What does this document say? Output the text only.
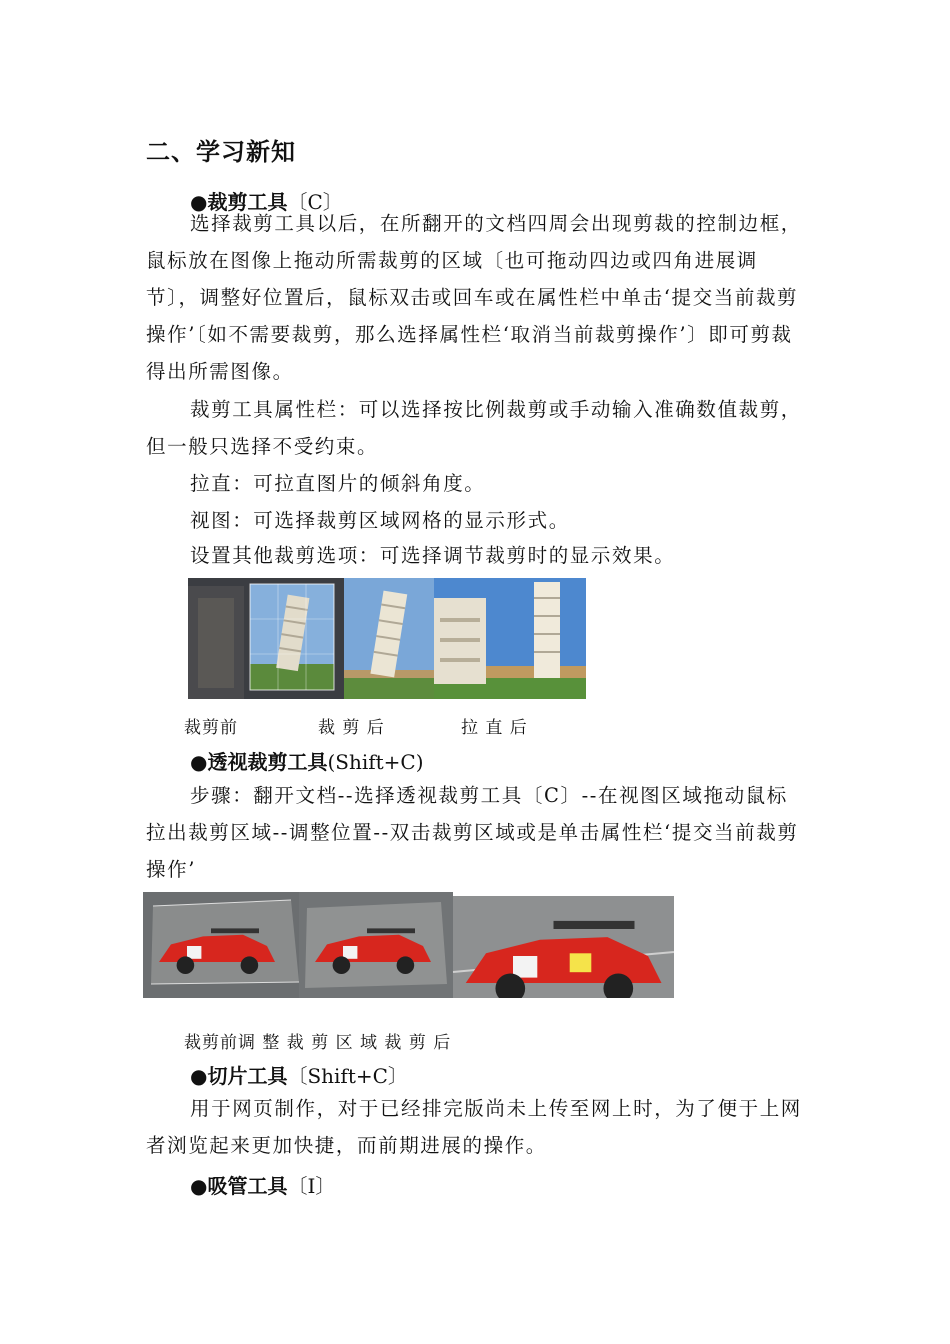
二、学习新知
●裁剪工具〔C〕

选择裁剪工具以后，在所翻开的文档四周会出现剪裁的控制边框，鼠标放在图像上拖动所需裁剪的区域〔也可拖动四边或四角进展调节〕，调整好位置后，鼠标双击或回车或在属性栏中单击‘提交当前裁剪操作’〔如不需要裁剪，那么选择属性栏‘取消当前裁剪操作’〕即可剪裁得出所需图像。

裁剪工具属性栏：可以选择按比例裁剪或手动输入准确数值裁剪，但一般只选择不受约束。

拉直：可拉直图片的倾斜角度。

视图：可选择裁剪区域网格的显示形式。

设置其他裁剪选项：可选择调节裁剪时的显示效果。

裁剪前	裁 剪 后	拉 直 后
●透视裁剪工具(Shift+C)

步骤：翻开文档--选择透视裁剪工具〔C〕--在视图区域拖动鼠标拉出裁剪区域--调整位置--双击裁剪区域或是单击属性栏‘提交当前裁剪操作’

裁剪前调 整 裁 剪 区 域 裁 剪 后
●切片工具〔Shift+C〕

用于网页制作，对于已经排完版尚未上传至网上时，为了便于上网者浏览起来更加快捷，而前期进展的操作。

●吸管工具〔I〕
